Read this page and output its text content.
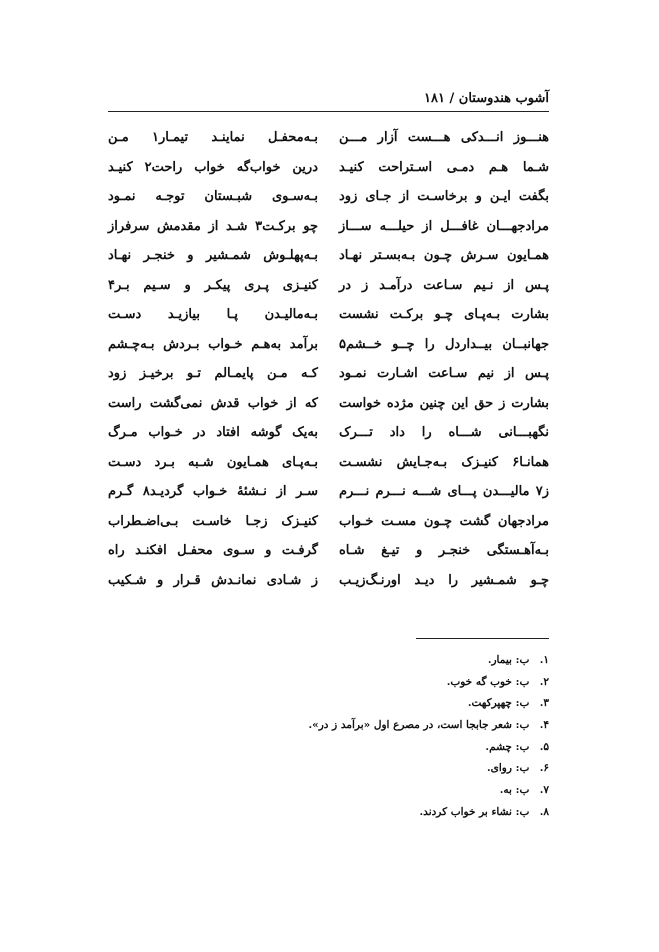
آشوب هندوستان / ۱۸۱
هنـــوز انـــدکی هـــست آزار مـــن
شـما هـم دمـی اسـتراحت کنیـد
بگفت ایـن و برخاسـت از جـای زود
مرادجهـــان غافـــل از حیلـــه ســـاز
همـایون سـرش چـون بـه‌بسـتر نهـاد
پـس از نـیم سـاعت درآمـد ز در
بشارت بـه‌پـای چـو برکـت نشست
جهانبــان بیــداردل را چــو خــشم۵
پـس از نیم سـاعت اشـارت نمـود
بشارت ز حق این چنین مژده خواست
نگهبـــانی شـــاه را داد تـــرک
همانـا۶ کنیـزک بـه‌جـایش نشسـت
ز۷ مالیـــدن پـــای شـــه نـــرم نـــرم
مرادجهان گشت چـون مسـت خـواب
بـه‌آهـستگی خنجـر و تیـغ شـاه
چـو شمـشیر را دیـد اورنـگ‌زیـب
بـه‌محفـل نماینـد تیمـار۱ مـن
درین خواب‌گه خواب راحت۲ کنیـد
بـه‌سـوی شبـستان توجـه نمـود
چو برکـت۳ شـد از مقدمش سرفراز
بـه‌پهلـوش شمـشیر و خنجـر نهـاد
کنیـزی پـری پیکـر و سـیم بـر۴
بـه‌مالیـدن پـا بیازیـد دسـت
برآمد به‌هـم خـواب بـردش بـه‌چـشم
کـه مـن پایمـالم تـو برخیـز زود
که از خواب قدش نمی‌گشت راست
به‌یک گوشه افتاد در خـواب مـرگ
بـه‌پـای همـایون شـبه بـرد دسـت
سـر از نـشئهٔ خـواب گردیـد۸ گـرم
کنیـزک زجـا خاسـت بـی‌اضـطراب
گرفـت و سـوی محفـل افکنـد راه
ز شـادی نمانـدش قـرار و شـکیب
۱. ب: بیمار.
۲. ب: خوب گه خوب.
۳. ب: چهپرکهت.
۴. ب: شعر جابجا است، در مصرع اول «برآمد ز در».
۵. ب: چشم.
۶. ب: روای.
۷. ب: به.
۸. ب: نشاء بر خواب کردند.
